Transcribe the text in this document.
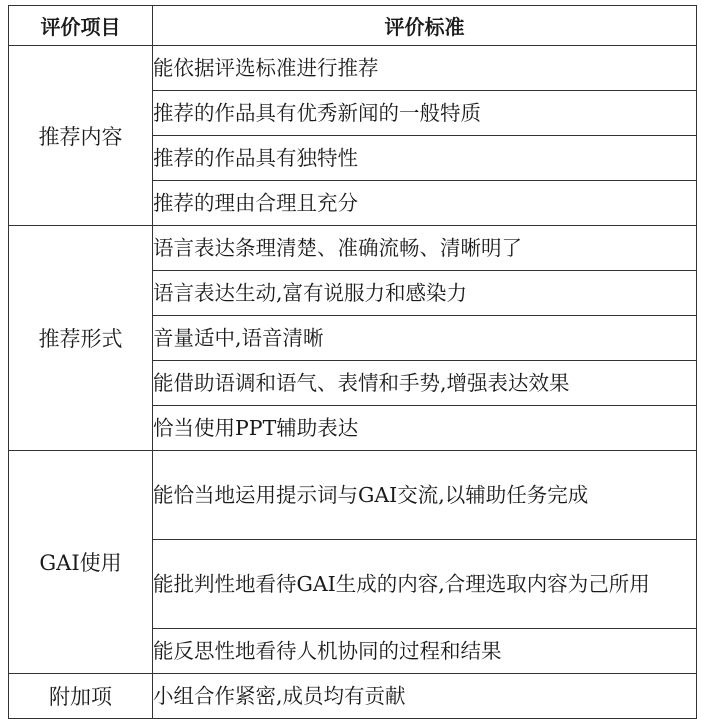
评价项目	评价标准
推荐内容	能依据评选标准进行推荐
	推荐的作品具有优秀新闻的一般特质
	推荐的作品具有独特性
	推荐的理由合理且充分
推荐形式	语言表达条理清楚、准确流畅、清晰明了
	语言表达生动,富有说服力和感染力
	音量适中,语音清晰
	能借助语调和语气、表情和手势,增强表达效果
	恰当使用PPT辅助表达
GAI使用	能恰当地运用提示词与GAI交流,以辅助任务完成
	能批判性地看待GAI生成的内容,合理选取内容为己所用
	能反思性地看待人机协同的过程和结果
附加项	小组合作紧密,成员均有贡献
